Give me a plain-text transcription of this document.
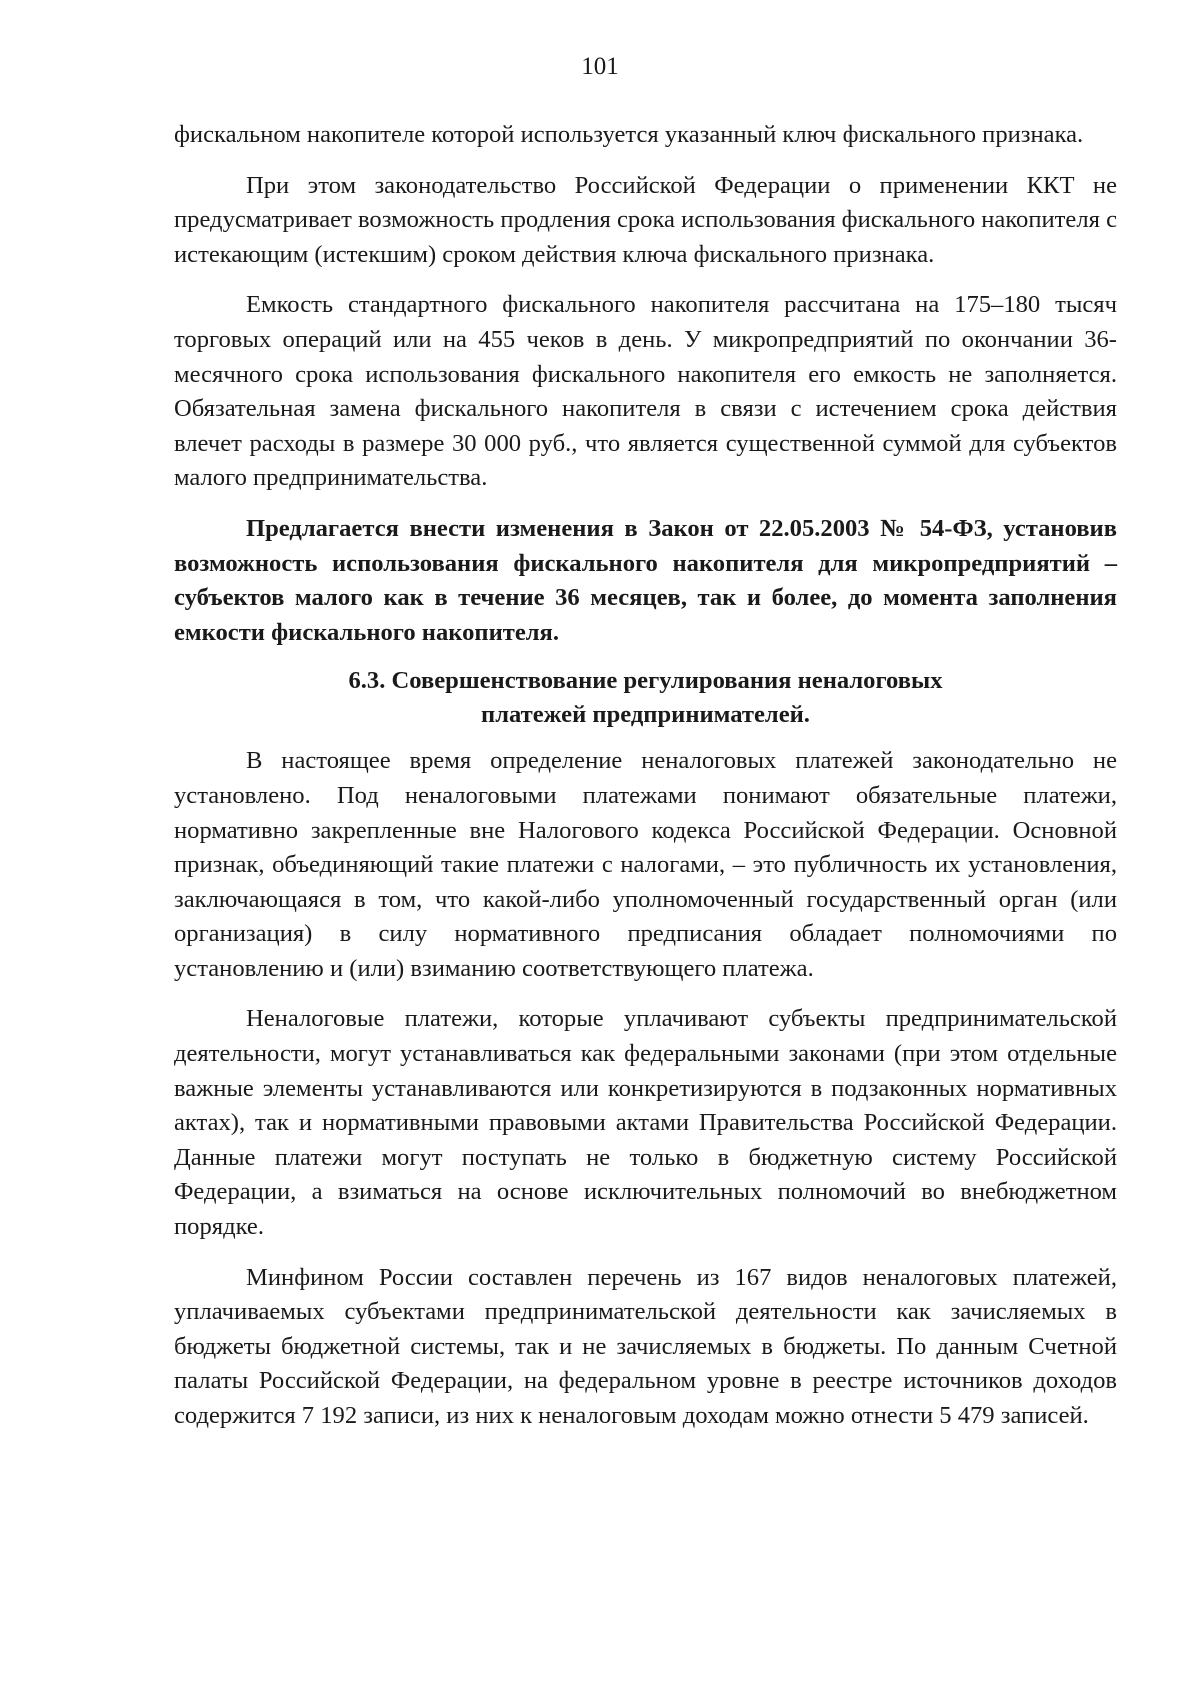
101

фискальном накопителе которой используется указанный ключ фискального признака.

При этом законодательство Российской Федерации о применении ККТ не предусматривает возможность продления срока использования фискального накопителя с истекающим (истекшим) сроком действия ключа фискального признака.

Емкость стандартного фискального накопителя рассчитана на 175–180 тысяч торговых операций или на 455 чеков в день. У микропредприятий по окончании 36-месячного срока использования фискального накопителя его емкость не заполняется. Обязательная замена фискального накопителя в связи с истечением срока действия влечет расходы в размере 30 000 руб., что является существенной суммой для субъектов малого предпринимательства.

Предлагается внести изменения в Закон от 22.05.2003 № 54-ФЗ, установив возможность использования фискального накопителя для микропредприятий – субъектов малого как в течение 36 месяцев, так и более, до момента заполнения емкости фискального накопителя.

6.3. Совершенствование регулирования неналоговых
платежей предпринимателей.

В настоящее время определение неналоговых платежей законодательно не установлено. Под неналоговыми платежами понимают обязательные платежи, нормативно закрепленные вне Налогового кодекса Российской Федерации. Основной признак, объединяющий такие платежи с налогами, – это публичность их установления, заключающаяся в том, что какой-либо уполномоченный государственный орган (или организация) в силу нормативного предписания обладает полномочиями по установлению и (или) взиманию соответствующего платежа.

Неналоговые платежи, которые уплачивают субъекты предпринимательской деятельности, могут устанавливаться как федеральными законами (при этом отдельные важные элементы устанавливаются или конкретизируются в подзаконных нормативных актах), так и нормативными правовыми актами Правительства Российской Федерации. Данные платежи могут поступать не только в бюджетную систему Российской Федерации, а взиматься на основе исключительных полномочий во внебюджетном порядке.

Минфином России составлен перечень из 167 видов неналоговых платежей, уплачиваемых субъектами предпринимательской деятельности как зачисляемых в бюджеты бюджетной системы, так и не зачисляемых в бюджеты. По данным Счетной палаты Российской Федерации, на федеральном уровне в реестре источников доходов содержится 7 192 записи, из них к неналоговым доходам можно отнести 5 479 записей.
